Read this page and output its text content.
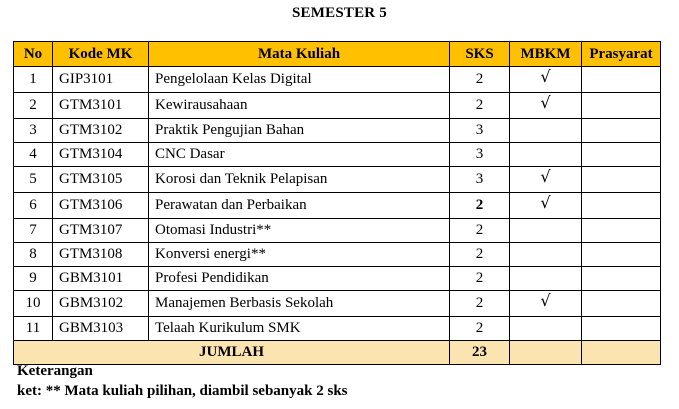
SEMESTER 5
No	Kode MK	Mata Kuliah	SKS	MBKM	Prasyarat
1	GIP3101	Pengelolaan Kelas Digital	2	√	
2	GTM3101	Kewirausahaan	2	√	
3	GTM3102	Praktik Pengujian Bahan	3		
4	GTM3104	CNC Dasar	3		
5	GTM3105	Korosi dan Teknik Pelapisan	3	√	
6	GTM3106	Perawatan dan Perbaikan	2	√	
7	GTM3107	Otomasi Industri**	2		
8	GTM3108	Konversi energi**	2		
9	GBM3101	Profesi Pendidikan	2		
10	GBM3102	Manajemen Berbasis Sekolah	2	√	
11	GBM3103	Telaah Kurikulum SMK	2		
JUMLAH			23		
Keterangan
ket: ** Mata kuliah pilihan, diambil sebanyak 2 sks
